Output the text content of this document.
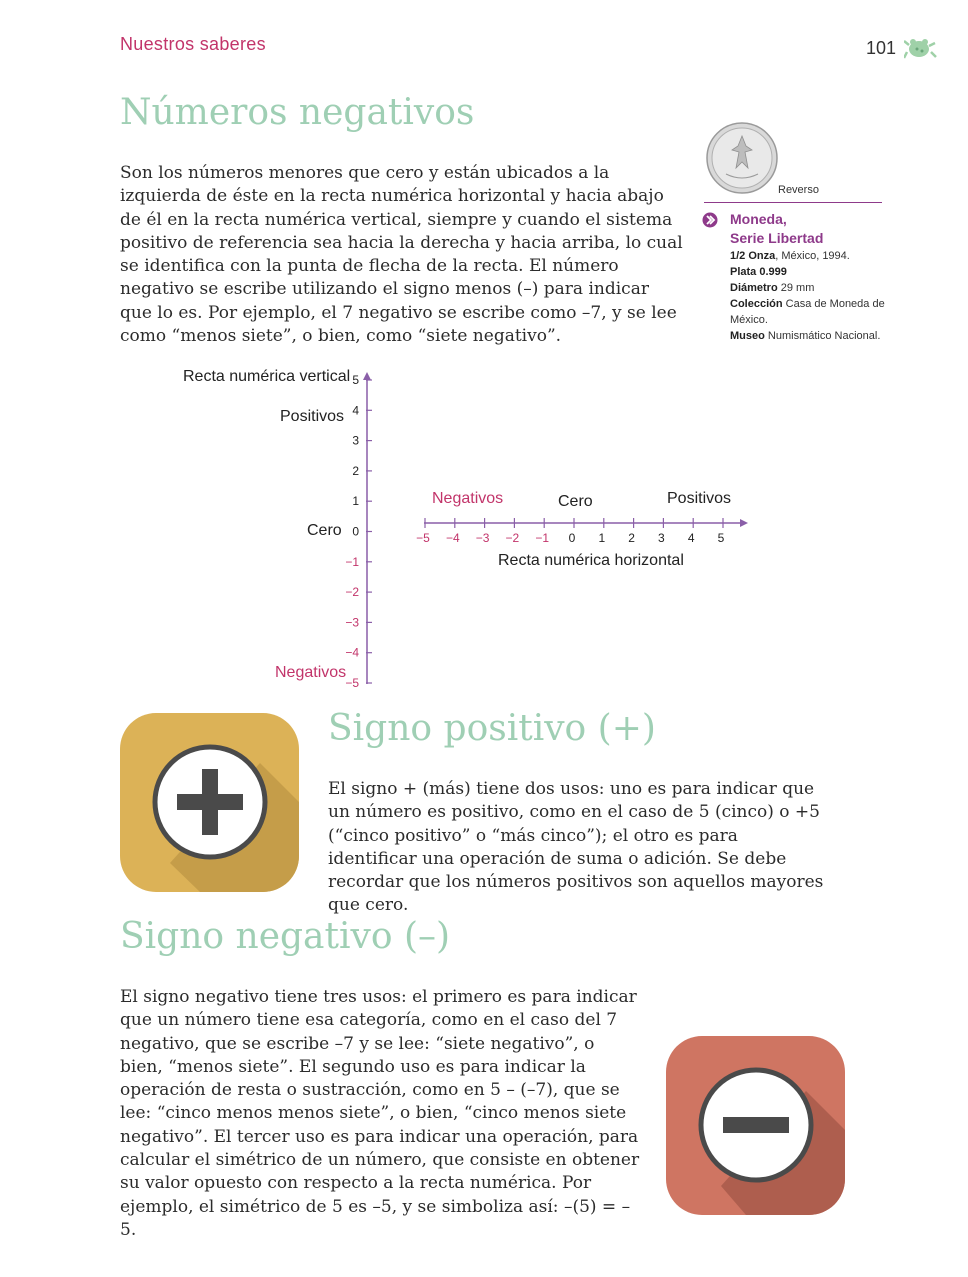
Nuestros saberes	101
Números negativos
Son los números menores que cero y están ubicados a la izquierda de éste en la recta numérica horizontal y hacia abajo de él en la recta numérica vertical, siempre y cuando el sistema positivo de referencia sea hacia la derecha y hacia arriba, lo cual se identifica con la punta de flecha de la recta. El número negativo se escribe utilizando el signo menos (–) para indicar que lo es. Por ejemplo, el 7 negativo se escribe como –7, y se lee como “menos siete”, o bien, como “siete negativo”.
Reverso
Moneda,
Serie Libertad
1/2 Onza, México, 1994.
Plata 0.999
Diámetro 29 mm
Colección Casa de Moneda de México.
Museo Numismático Nacional.
Recta numérica vertical
Positivos
Cero
Negativos
Negativos	Cero	Positivos
Recta numérica horizontal
5
4
3
2
1
0
−1
−2
−3
−4
−5
−5 −4 −3 −2 −1 0 1 2 3 4 5
Signo positivo (+)
El signo + (más) tiene dos usos: uno es para indicar que un número es positivo, como en el caso de 5 (cinco) o +5 (“cinco positivo” o “más cinco”); el otro es para identificar una operación de suma o adición. Se debe recordar que los números positivos son aquellos mayores que cero.
Signo negativo (–)
El signo negativo tiene tres usos: el primero es para indicar que un número tiene esa categoría, como en el caso del 7 negativo, que se escribe –7 y se lee: “siete negativo”, o bien, “menos siete”. El segundo uso es para indicar la operación de resta o sustracción, como en 5 – (–7), que se lee: “cinco menos menos siete”, o bien, “cinco menos siete negativo”. El tercer uso es para indicar una operación, para calcular el simétrico de un número, que consiste en obtener su valor opuesto con respecto a la recta numérica. Por ejemplo, el simétrico de 5 es –5, y se simboliza así: –(5) = –5.
